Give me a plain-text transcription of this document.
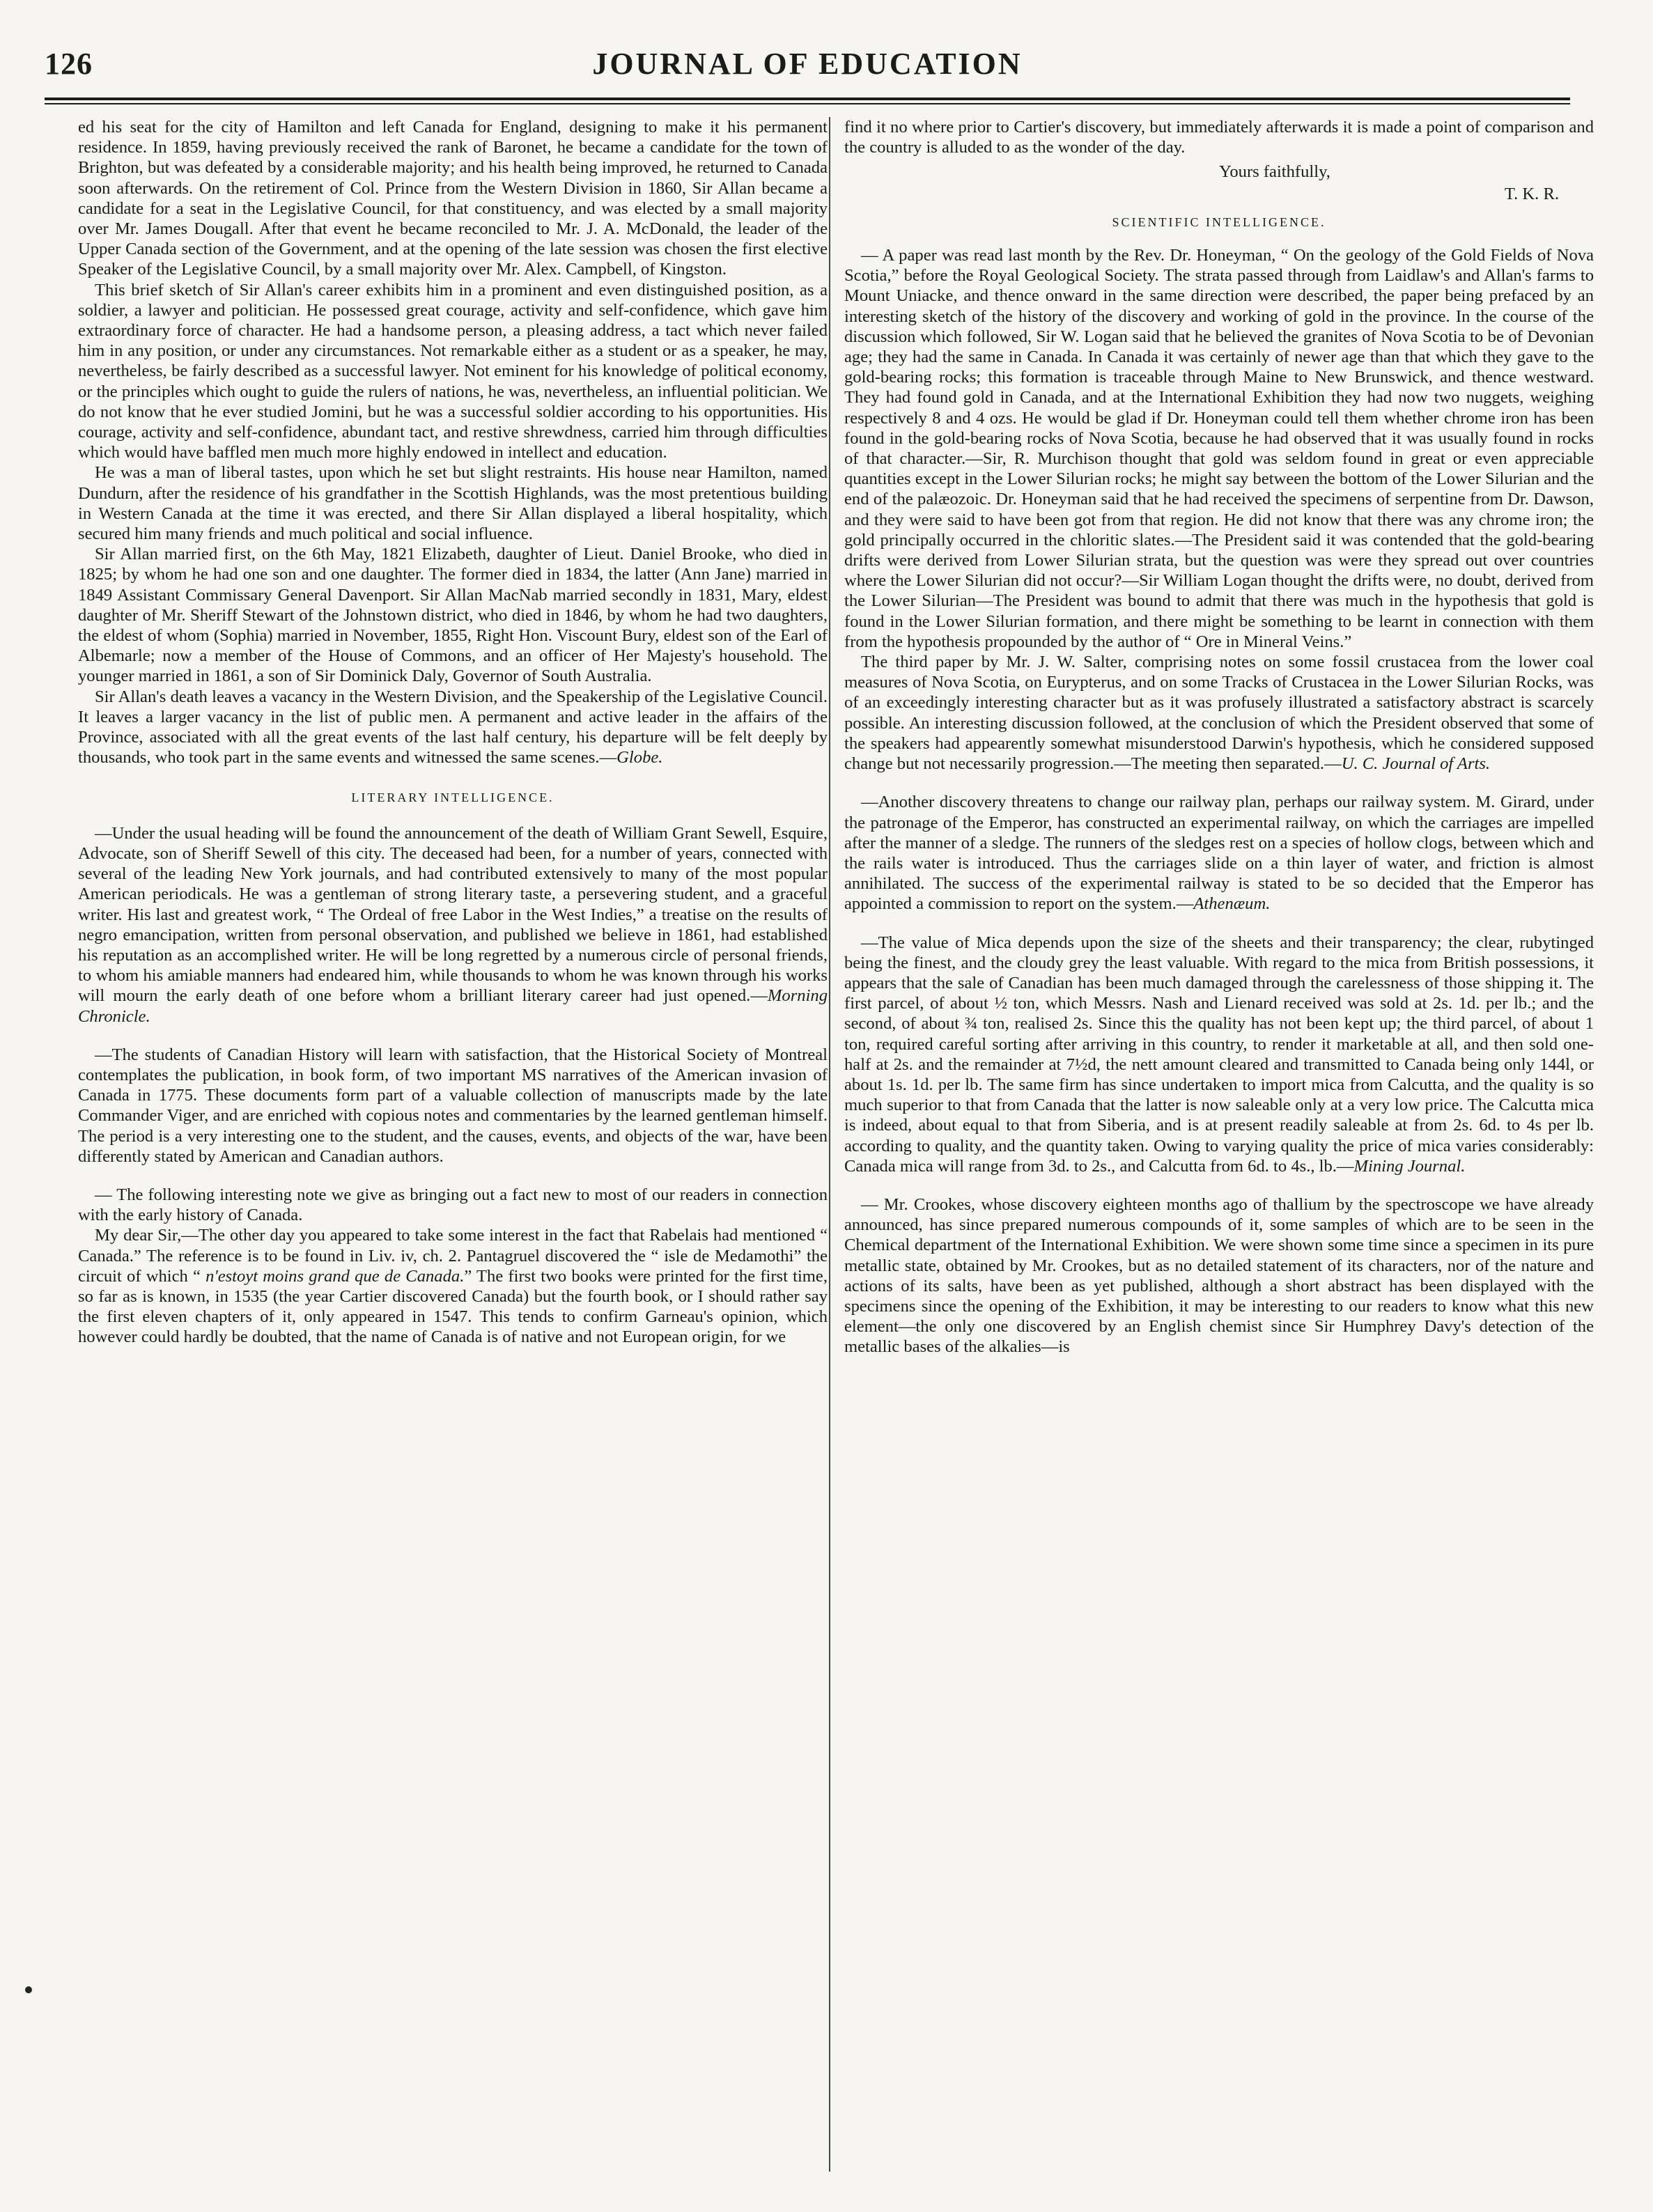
126	JOURNAL OF EDUCATION

ed his seat for the city of Hamilton and left Canada for England, designing to make it his permanent residence. In 1859, having previously received the rank of Baronet, he became a candidate for the town of Brighton, but was defeated by a considerable majority; and his health being improved, he returned to Canada soon afterwards. On the retirement of Col. Prince from the Western Division in 1860, Sir Allan became a candidate for a seat in the Legislative Council, for that constituency, and was elected by a small majority over Mr. James Dougall. After that event he became reconciled to Mr. J. A. McDonald, the leader of the Upper Canada section of the Government, and at the opening of the late session was chosen the first elective Speaker of the Legislative Council, by a small majority over Mr. Alex. Campbell, of Kingston.

This brief sketch of Sir Allan's career exhibits him in a prominent and even distinguished position, as a soldier, a lawyer and politician. He possessed great courage, activity and self-confidence, which gave him extraordinary force of character. He had a handsome person, a pleasing address, a tact which never failed him in any position, or under any circumstances. Not remarkable either as a student or as a speaker, he may, nevertheless, be fairly described as a successful lawyer. Not eminent for his knowledge of political economy, or the principles which ought to guide the rulers of nations, he was, nevertheless, an influential politician. We do not know that he ever studied Jomini, but he was a successful soldier according to his opportunities. His courage, activity and self-confidence, abundant tact, and restive shrewdness, carried him through difficulties which would have baffled men much more highly endowed in intellect and education.

He was a man of liberal tastes, upon which he set but slight restraints. His house near Hamilton, named Dundurn, after the residence of his grandfather in the Scottish Highlands, was the most pretentious building in Western Canada at the time it was erected, and there Sir Allan displayed a liberal hospitality, which secured him many friends and much political and social influence.

Sir Allan married first, on the 6th May, 1821 Elizabeth, daughter of Lieut. Daniel Brooke, who died in 1825; by whom he had one son and one daughter. The former died in 1834, the latter (Ann Jane) married in 1849 Assistant Commissary General Davenport. Sir Allan MacNab married secondly in 1831, Mary, eldest daughter of Mr. Sheriff Stewart of the Johnstown district, who died in 1846, by whom he had two daughters, the eldest of whom (Sophia) married in November, 1855, Right Hon. Viscount Bury, eldest son of the Earl of Albemarle; now a member of the House of Commons, and an officer of Her Majesty's household. The younger married in 1861, a son of Sir Dominick Daly, Governor of South Australia.

Sir Allan's death leaves a vacancy in the Western Division, and the Speakership of the Legislative Council. It leaves a larger vacancy in the list of public men. A permanent and active leader in the affairs of the Province, associated with all the great events of the last half century, his departure will be felt deeply by thousands, who took part in the same events and witnessed the same scenes.—Globe.

LITERARY INTELLIGENCE.

—Under the usual heading will be found the announcement of the death of William Grant Sewell, Esquire, Advocate, son of Sheriff Sewell of this city. The deceased had been, for a number of years, connected with several of the leading New York journals, and had contributed extensively to many of the most popular American periodicals. He was a gentleman of strong literary taste, a persevering student, and a graceful writer. His last and greatest work, “ The Ordeal of free Labor in the West Indies,” a treatise on the results of negro emancipation, written from personal observation, and published we believe in 1861, had established his reputation as an accomplished writer. He will be long regretted by a numerous circle of personal friends, to whom his amiable manners had endeared him, while thousands to whom he was known through his works will mourn the early death of one before whom a brilliant literary career had just opened.—Morning Chronicle.

—The students of Canadian History will learn with satisfaction, that the Historical Society of Montreal contemplates the publication, in book form, of two important MS narratives of the American invasion of Canada in 1775. These documents form part of a valuable collection of manuscripts made by the late Commander Viger, and are enriched with copious notes and commentaries by the learned gentleman himself. The period is a very interesting one to the student, and the causes, events, and objects of the war, have been differently stated by American and Canadian authors.

— The following interesting note we give as bringing out a fact new to most of our readers in connection with the early history of Canada.

My dear Sir,—The other day you appeared to take some interest in the fact that Rabelais had mentioned “ Canada.” The reference is to be found in Liv. iv, ch. 2. Pantagruel discovered the “ isle de Medamothi” the circuit of which “ n'estoyt moins grand que de Canada.” The first two books were printed for the first time, so far as is known, in 1535 (the year Cartier discovered Canada) but the fourth book, or I should rather say the first eleven chapters of it, only appeared in 1547. This tends to confirm Garneau's opinion, which however could hardly be doubted, that the name of Canada is of native and not European origin, for we

find it no where prior to Cartier's discovery, but immediately afterwards it is made a point of comparison and the country is alluded to as the wonder of the day.

Yours faithfully,
T. K. R.
SCIENTIFIC INTELLIGENCE.

— A paper was read last month by the Rev. Dr. Honeyman, “ On the geology of the Gold Fields of Nova Scotia,” before the Royal Geological Society. The strata passed through from Laidlaw's and Allan's farms to Mount Uniacke, and thence onward in the same direction were described, the paper being prefaced by an interesting sketch of the history of the discovery and working of gold in the province. In the course of the discussion which followed, Sir W. Logan said that he believed the granites of Nova Scotia to be of Devonian age; they had the same in Canada. In Canada it was certainly of newer age than that which they gave to the gold-bearing rocks; this formation is traceable through Maine to New Brunswick, and thence westward. They had found gold in Canada, and at the International Exhibition they had now two nuggets, weighing respectively 8 and 4 ozs. He would be glad if Dr. Honeyman could tell them whether chrome iron has been found in the gold-bearing rocks of Nova Scotia, because he had observed that it was usually found in rocks of that character.—Sir, R. Murchison thought that gold was seldom found in great or even appreciable quantities except in the Lower Silurian rocks; he might say between the bottom of the Lower Silurian and the end of the palæozoic. Dr. Honeyman said that he had received the specimens of serpentine from Dr. Dawson, and they were said to have been got from that region. He did not know that there was any chrome iron; the gold principally occurred in the chloritic slates.—The President said it was contended that the gold-bearing drifts were derived from Lower Silurian strata, but the question was were they spread out over countries where the Lower Silurian did not occur?—Sir William Logan thought the drifts were, no doubt, derived from the Lower Silurian—The President was bound to admit that there was much in the hypothesis that gold is found in the Lower Silurian formation, and there might be something to be learnt in connection with them from the hypothesis propounded by the author of “ Ore in Mineral Veins.”

The third paper by Mr. J. W. Salter, comprising notes on some fossil crustacea from the lower coal measures of Nova Scotia, on Eurypterus, and on some Tracks of Crustacea in the Lower Silurian Rocks, was of an exceedingly interesting character but as it was profusely illustrated a satisfactory abstract is scarcely possible. An interesting discussion followed, at the conclusion of which the President observed that some of the speakers had appearently somewhat misunderstood Darwin's hypothesis, which he considered supposed change but not necessarily progression.—The meeting then separated.—U. C. Journal of Arts.

—Another discovery threatens to change our railway plan, perhaps our railway system. M. Girard, under the patronage of the Emperor, has constructed an experimental railway, on which the carriages are impelled after the manner of a sledge. The runners of the sledges rest on a species of hollow clogs, between which and the rails water is introduced. Thus the carriages slide on a thin layer of water, and friction is almost annihilated. The success of the experimental railway is stated to be so decided that the Emperor has appointed a commission to report on the system.—Athenæum.

—The value of Mica depends upon the size of the sheets and their transparency; the clear, rubytinged being the finest, and the cloudy grey the least valuable. With regard to the mica from British possessions, it appears that the sale of Canadian has been much damaged through the carelessness of those shipping it. The first parcel, of about ½ ton, which Messrs. Nash and Lienard received was sold at 2s. 1d. per lb.; and the second, of about ¾ ton, realised 2s. Since this the quality has not been kept up; the third parcel, of about 1 ton, required careful sorting after arriving in this country, to render it marketable at all, and then sold one-half at 2s. and the remainder at 7½d, the nett amount cleared and transmitted to Canada being only 144l, or about 1s. 1d. per lb. The same firm has since undertaken to import mica from Calcutta, and the quality is so much superior to that from Canada that the latter is now saleable only at a very low price. The Calcutta mica is indeed, about equal to that from Siberia, and is at present readily saleable at from 2s. 6d. to 4s per lb. according to quality, and the quantity taken. Owing to varying quality the price of mica varies considerably: Canada mica will range from 3d. to 2s., and Calcutta from 6d. to 4s., lb.—Mining Journal.

— Mr. Crookes, whose discovery eighteen months ago of thallium by the spectroscope we have already announced, has since prepared numerous compounds of it, some samples of which are to be seen in the Chemical department of the International Exhibition. We were shown some time since a specimen in its pure metallic state, obtained by Mr. Crookes, but as no detailed statement of its characters, nor of the nature and actions of its salts, have been as yet published, although a short abstract has been displayed with the specimens since the opening of the Exhibition, it may be interesting to our readers to know what this new element—the only one discovered by an English chemist since Sir Humphrey Davy's detection of the metallic bases of the alkalies—is
